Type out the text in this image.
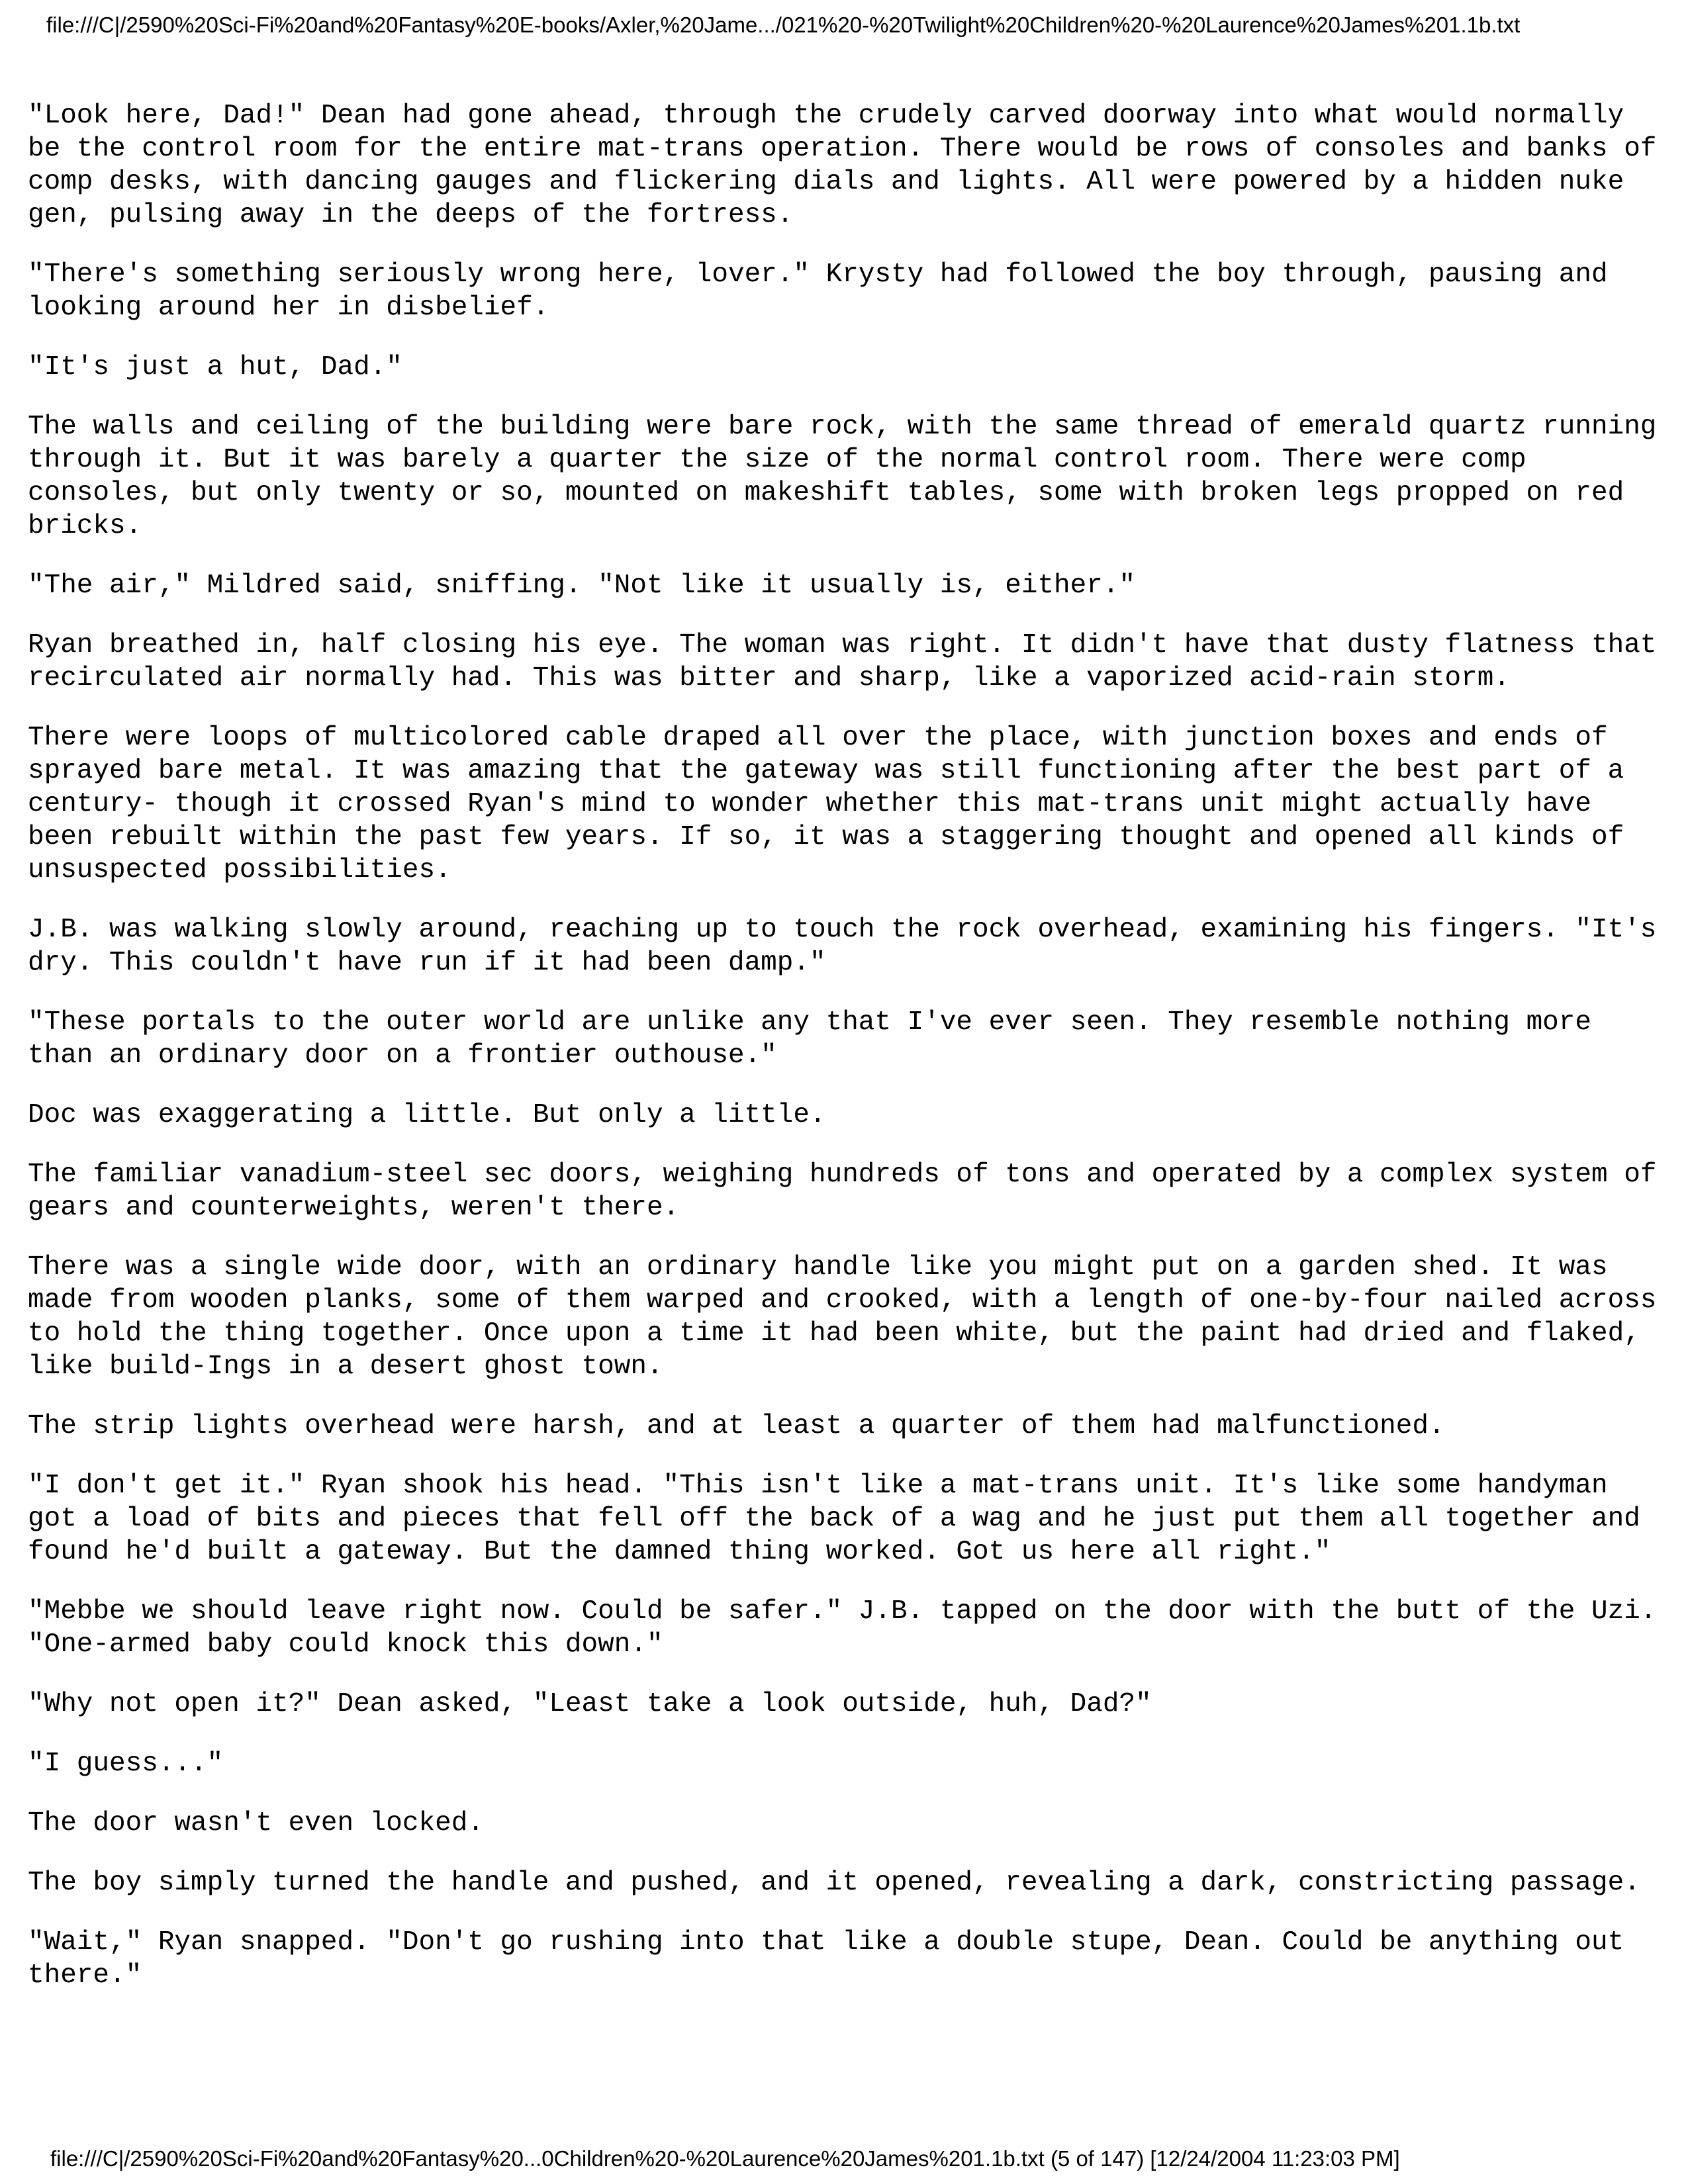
file:///C|/2590%20Sci-Fi%20and%20Fantasy%20E-books/Axler,%20Jame.../021%20-%20Twilight%20Children%20-%20Laurence%20James%201.1b.txt

"Look here, Dad!" Dean had gone ahead, through the crudely carved doorway into what would normally be the control room for the entire mat-trans operation. There would be rows of consoles and banks of comp desks, with dancing gauges and flickering dials and lights. All were powered by a hidden nuke gen, pulsing away in the deeps of the fortress.

"There's something seriously wrong here, lover." Krysty had followed the boy through, pausing and looking around her in disbelief.

"It's just a hut, Dad."

The walls and ceiling of the building were bare rock, with the same thread of emerald quartz running through it. But it was barely a quarter the size of the normal control room. There were comp consoles, but only twenty or so, mounted on makeshift tables, some with broken legs propped on red bricks.

"The air," Mildred said, sniffing. "Not like it usually is, either."

Ryan breathed in, half closing his eye. The woman was right. It didn't have that dusty flatness that recirculated air normally had. This was bitter and sharp, like a vaporized acid-rain storm.

There were loops of multicolored cable draped all over the place, with junction boxes and ends of sprayed bare metal. It was amazing that the gateway was still functioning after the best part of a century- though it crossed Ryan's mind to wonder whether this mat-trans unit might actually have been rebuilt within the past few years. If so, it was a staggering thought and opened all kinds of unsuspected possibilities.

J.B. was walking slowly around, reaching up to touch the rock overhead, examining his fingers. "It's dry. This couldn't have run if it had been damp."

"These portals to the outer world are unlike any that I've ever seen. They resemble nothing more than an ordinary door on a frontier outhouse."

Doc was exaggerating a little. But only a little.

The familiar vanadium-steel sec doors, weighing hundreds of tons and operated by a complex system of gears and counterweights, weren't there.

There was a single wide door, with an ordinary handle like you might put on a garden shed. It was made from wooden planks, some of them warped and crooked, with a length of one-by-four nailed across to hold the thing together. Once upon a time it had been white, but the paint had dried and flaked, like build-Ings in a desert ghost town.

The strip lights overhead were harsh, and at least a quarter of them had malfunctioned.

"I don't get it." Ryan shook his head. "This isn't like a mat-trans unit. It's like some handyman got a load of bits and pieces that fell off the back of a wag and he just put them all together and found he'd built a gateway. But the damned thing worked. Got us here all right."

"Mebbe we should leave right now. Could be safer." J.B. tapped on the door with the butt of the Uzi. "One-armed baby could knock this down."

"Why not open it?" Dean asked, "Least take a look outside, huh, Dad?"

"I guess..."

The door wasn't even locked.

The boy simply turned the handle and pushed, and it opened, revealing a dark, constricting passage.

"Wait," Ryan snapped. "Don't go rushing into that like a double stupe, Dean. Could be anything out there."

file:///C|/2590%20Sci-Fi%20and%20Fantasy%20...0Children%20-%20Laurence%20James%201.1b.txt (5 of 147) [12/24/2004 11:23:03 PM]
